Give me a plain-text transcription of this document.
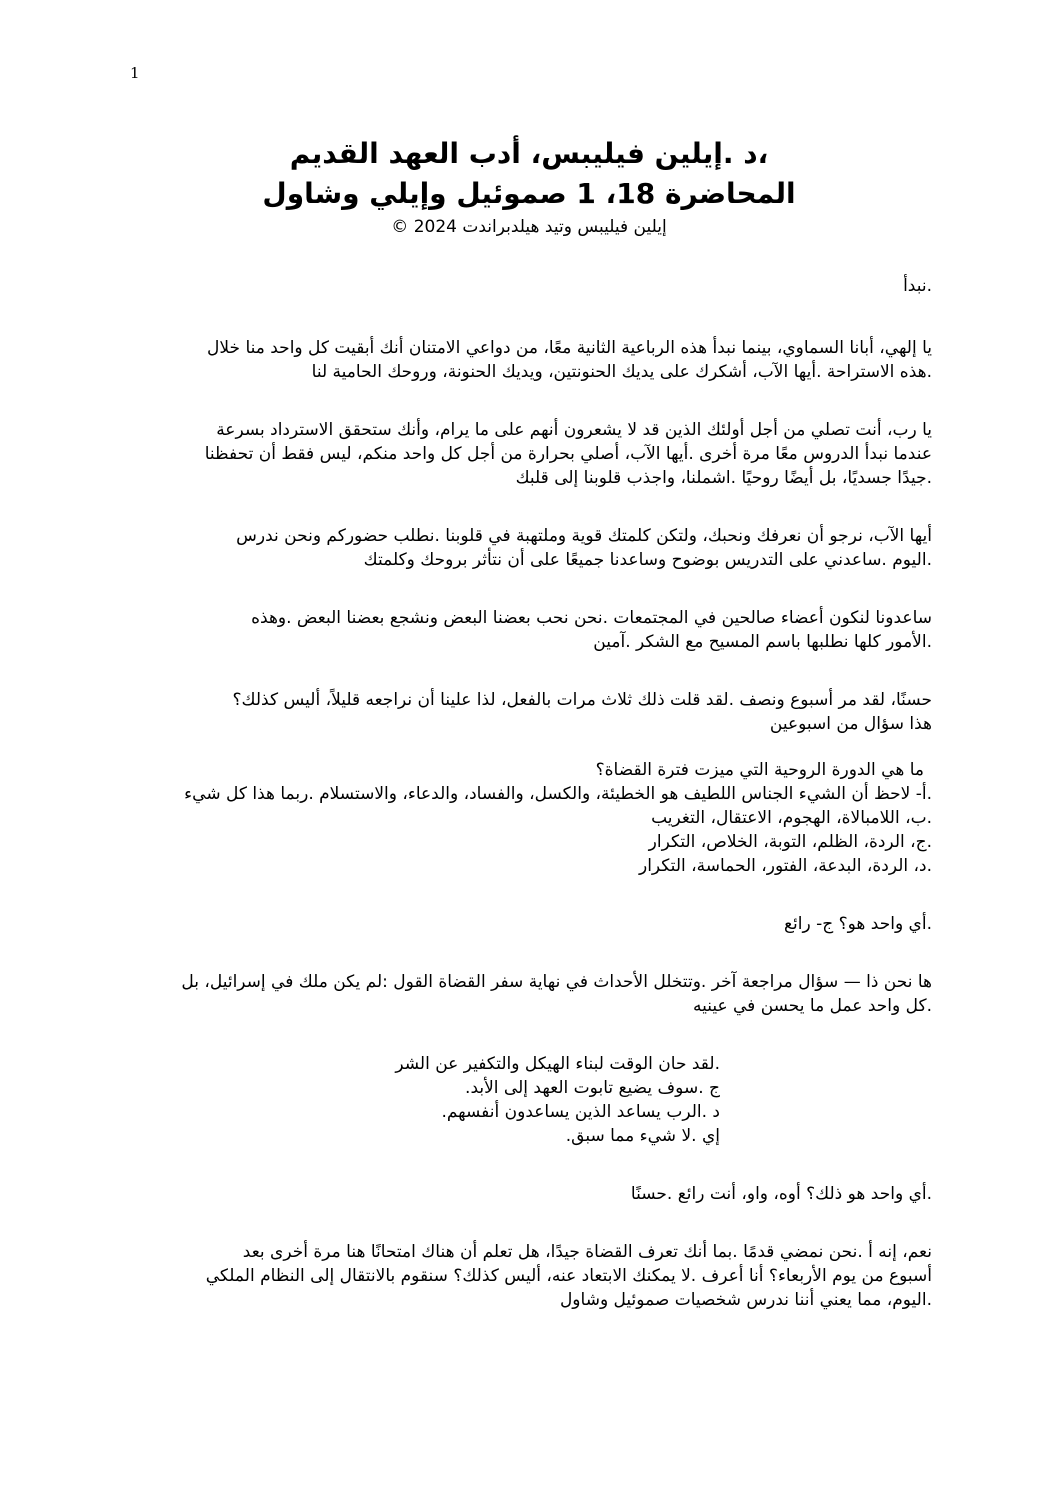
1
،د .إيلين فيليبس، أدب العهد القديم
المحاضرة 18، 1 صموئيل وإيلي وشاول
إيلين فيليبس وتيد هيلدبراندت 2024 ©

.نبدأ

يا إلهي، أبانا السماوي، بينما نبدأ هذه الرباعية الثانية معًا، من دواعي الامتنان أنك أبقيت كل واحد منا خلال

.هذه الاستراحة .أيها الآب، أشكرك على يديك الحنونتين، ويديك الحنونة، وروحك الحامية لنا

يا رب، أنت تصلي من أجل أولئك الذين قد لا يشعرون أنهم على ما يرام، وأنك ستحقق الاسترداد بسرعة

عندما نبدأ الدروس معًا مرة أخرى .أيها الآب، أصلي بحرارة من أجل كل واحد منكم، ليس فقط أن تحفظنا

.جيدًا جسديًا، بل أيضًا روحيًا .اشملنا، واجذب قلوبنا إلى قلبك

أيها الآب، نرجو أن نعرفك ونحبك، ولتكن كلمتك قوية وملتهبة في قلوبنا .نطلب حضوركم ونحن ندرس

.اليوم .ساعدني على التدريس بوضوح وساعدنا جميعًا على أن نتأثر بروحك وكلمتك

ساعدونا لنكون أعضاء صالحين في المجتمعات .نحن نحب بعضنا البعض ونشجع بعضنا البعض .وهذه

.الأمور كلها نطلبها باسم المسيح مع الشكر .آمين

حسنًا، لقد مر أسبوع ونصف .لقد قلت ذلك ثلاث مرات بالفعل، لذا علينا أن نراجعه قليلاً، أليس كذلك؟

هذا سؤال من اسبوعين

ما هي الدورة الروحية التي ميزت فترة القضاة؟

.أ- لاحظ أن الشيء الجناس اللطيف هو الخطيئة، والكسل، والفساد، والدعاء، والاستسلام .ربما هذا كل شيء

.ب، اللامبالاة، الهجوم، الاعتقال، التغريب

.ج، الردة، الظلم، التوبة، الخلاص، التكرار

.د، الردة، البدعة، الفتور، الحماسة، التكرار

.أي واحد هو؟ ج- رائع

ها نحن ذا — سؤال مراجعة آخر .وتتخلل الأحداث في نهاية سفر القضاة القول :لم يكن ملك في إسرائيل، بل

.كل واحد عمل ما يحسن في عينيه

.لقد حان الوقت لبناء الهيكل والتكفير عن الشر

ج .سوف يضيع تابوت العهد إلى الأبد.

د .الرب يساعد الذين يساعدون أنفسهم.

إي .لا شيء مما سبق.

.أي واحد هو ذلك؟ أوه، واو، أنت رائع .حسنًا

نعم، إنه أ .نحن نمضي قدمًا .بما أنك تعرف القضاة جيدًا، هل تعلم أن هناك امتحانًا هنا مرة أخرى بعد

أسبوع من يوم الأربعاء؟ أنا أعرف .لا يمكنك الابتعاد عنه، أليس كذلك؟ سنقوم بالانتقال إلى النظام الملكي

.اليوم، مما يعني أننا ندرس شخصيات صموئيل وشاول
